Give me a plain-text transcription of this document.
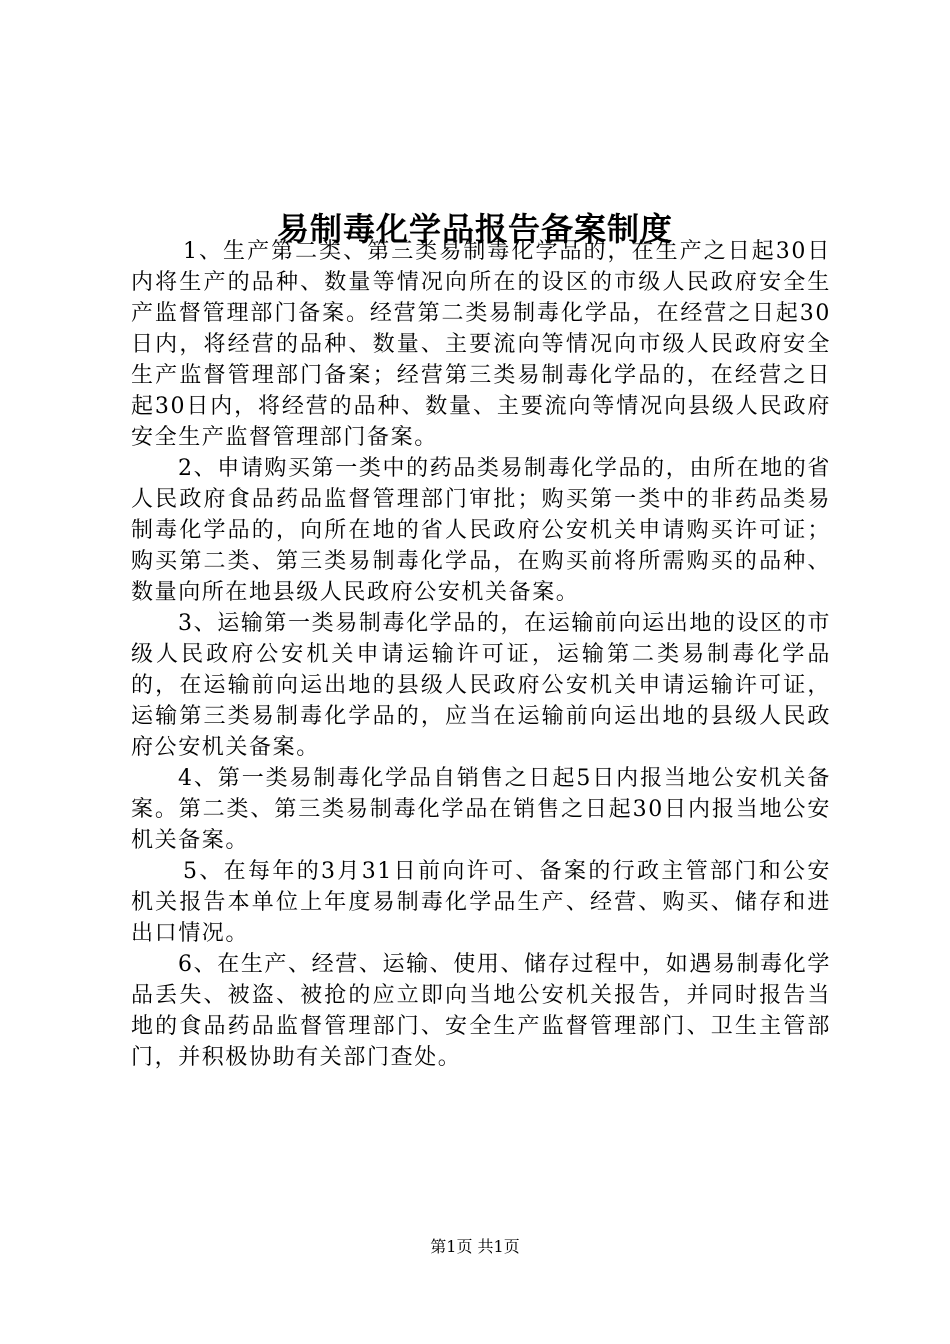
易制毒化学品报告备案制度

1、生产第二类、第三类易制毒化学品的，在生产之日起30日内将生产的品种、数量等情况向所在的设区的市级人民政府安全生产监督管理部门备案。经营第二类易制毒化学品，在经营之日起30日内，将经营的品种、数量、主要流向等情况向市级人民政府安全生产监督管理部门备案；经营第三类易制毒化学品的，在经营之日起30日内，将经营的品种、数量、主要流向等情况向县级人民政府安全生产监督管理部门备案。

2、申请购买第一类中的药品类易制毒化学品的，由所在地的省人民政府食品药品监督管理部门审批；购买第一类中的非药品类易制毒化学品的，向所在地的省人民政府公安机关申请购买许可证；购买第二类、第三类易制毒化学品，在购买前将所需购买的品种、数量向所在地县级人民政府公安机关备案。

3、运输第一类易制毒化学品的，在运输前向运出地的设区的市级人民政府公安机关申请运输许可证，运输第二类易制毒化学品的，在运输前向运出地的县级人民政府公安机关申请运输许可证，运输第三类易制毒化学品的，应当在运输前向运出地的县级人民政府公安机关备案。

4、第一类易制毒化学品自销售之日起5日内报当地公安机关备案。第二类、第三类易制毒化学品在销售之日起30日内报当地公安机关备案。

5、在每年的3月31日前向许可、备案的行政主管部门和公安机关报告本单位上年度易制毒化学品生产、经营、购买、储存和进出口情况。

6、在生产、经营、运输、使用、储存过程中，如遇易制毒化学品丢失、被盗、被抢的应立即向当地公安机关报告，并同时报告当地的食品药品监督管理部门、安全生产监督管理部门、卫生主管部门，并积极协助有关部门查处。

第1页 共1页
